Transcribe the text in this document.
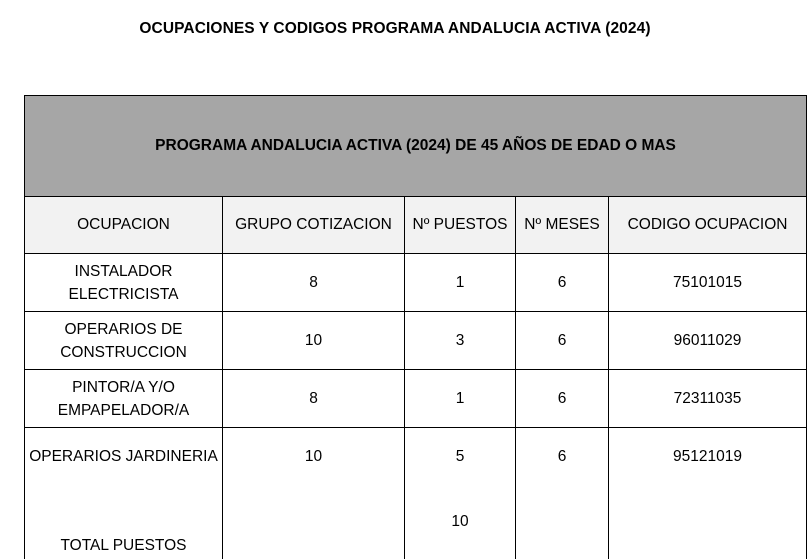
OCUPACIONES Y CODIGOS PROGRAMA ANDALUCIA ACTIVA (2024)
PROGRAMA ANDALUCIA ACTIVA (2024) DE 45 AÑOS DE EDAD O MAS				
OCUPACION	GRUPO COTIZACION	Nº PUESTOS	Nº MESES	CODIGO OCUPACION
INSTALADOR ELECTRICISTA	8	1	6	75101015
OPERARIOS DE CONSTRUCCION	10	3	6	96011029
PINTOR/A Y/O EMPAPELADOR/A	8	1	6	72311035
OPERARIOS JARDINERIA	10	5	6	95121019
TOTAL PUESTOS		10		
